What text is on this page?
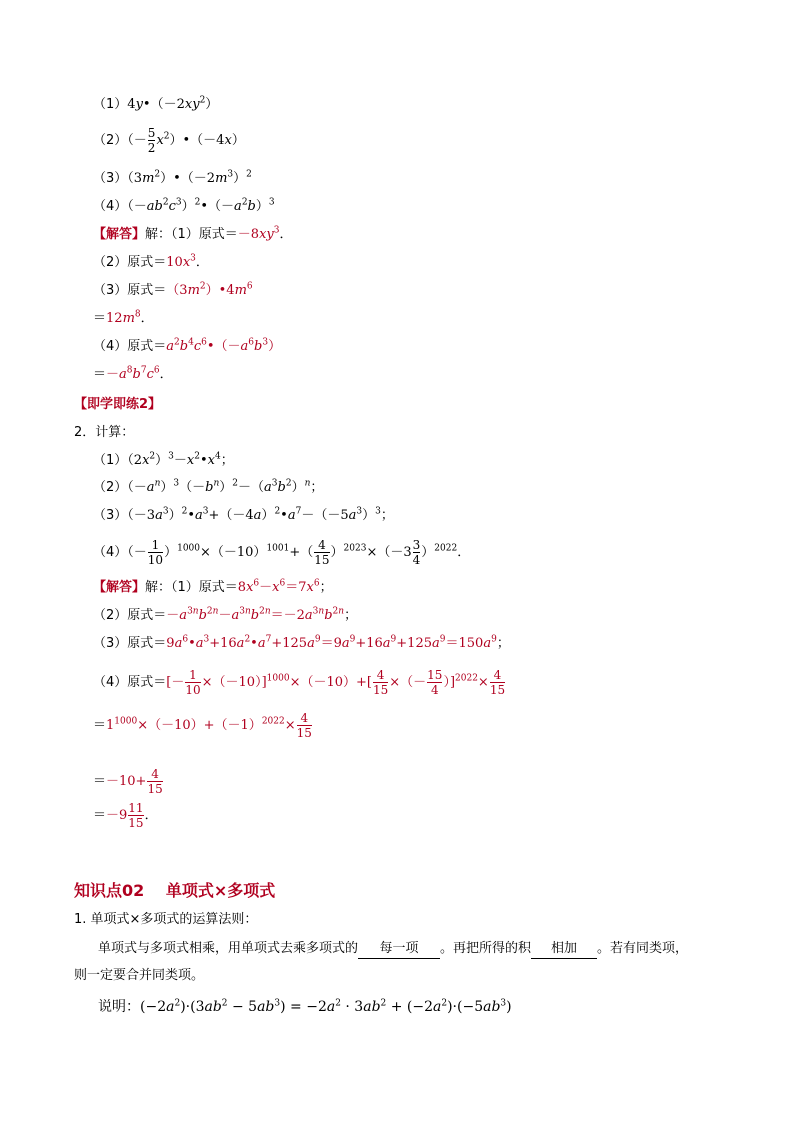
$(1)4y•(-2xy^2)$
$(2)(- \frac{5}{2}$ $x^2)•(-4x)$
$(3)(3m^2)•(-2m^3)^2$
$(4)(-ab^2c^3)^2•(-a^2b)^3$
【解答】解：（1）原式$=-8xy^3$．
（2）原式$=10x^3$．
（3）原式$=(3m^2)•4m^6$
$=12m^8$．
（4）原式$=a^2b^4c^6•(-a^6b^3)$
$=-a^8b^7c^6$．
【即学即练2】
2．计算：
$(1)(2x^2)^3-x^2•x^4$；
$(2)(-a^n)^3(-b^n)^2-(a^3b^2)^n$；
$(3)(-3a^3)^2•a^3+(-4a)^2•a^7-(-5a^3)^3$；
$(4)(- \frac{1}{10} )^{1000}\times(-10)^{1001}+( \frac{4}{15} )^{2023}\times(-3 \frac{3}{4} )^{2022}$．
【解答】解：（1）原式$=8x^6-x^6=7x^6$；
（2）原式$=-a^{3n}b^{2n}-a^{3n}b^{2n}=-2a^{3n}b^{2n}$；
（3）原式$=9a^6•a^3+16a^2•a^7+125a^9=9a^9+16a^9+125a^9=150a^9$；
（4）原式＝[－ $\frac{1}{10} \times(-10)]^{1000}\times(-10)+[ \frac{4}{15}$ ×（－ $\frac{15}{4} )]^{2022}\times \frac{4}{15}$
$=1^{1000}\times(-10)+(-1)^{2022}\times \frac{4}{15}$
$=-10+ \frac{4}{15}$
$=-9 \frac{11}{15}$ ．
知识点02　 单项式×多项式
1. 单项式×多项式的运算法则：
单项式与多项式相乘，用单项式去乘多项式的 每一项 。再把所得的积 相加 。若有同类项，
则一定要合并同类项。
说明：$(-2a^2)\cdot(3ab^2 - 5ab^3) = -2a^2 \cdot 3ab^2 + (-2a^2)\cdot(-5ab^3)$
